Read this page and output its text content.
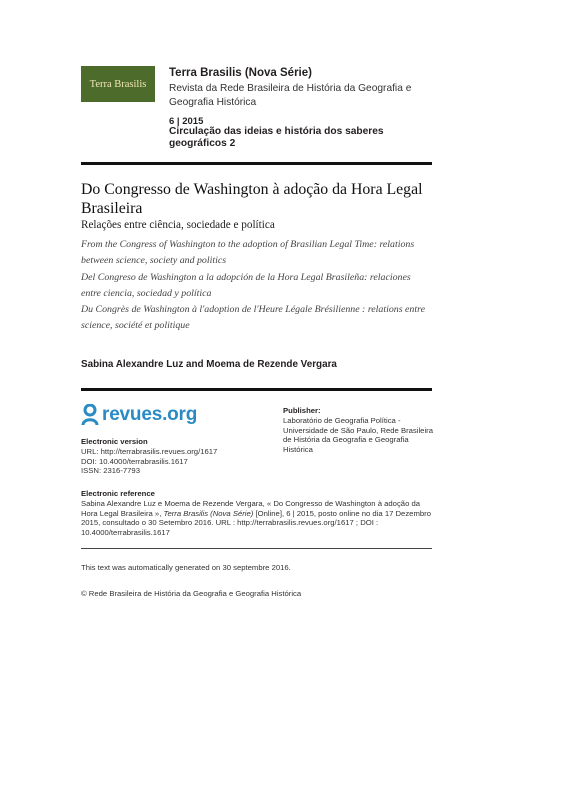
Terra Brasilis
Terra Brasilis (Nova Série)
Revista da Rede Brasileira de História da Geografia e Geografia Histórica
6 | 2015
Circulação das ideias e história dos saberes geográficos 2
Do Congresso de Washington à adoção da Hora Legal Brasileira
Relações entre ciência, sociedade e política
From the Congress of Washington to the adoption of Brasilian Legal Time: relations between science, society and politics
Del Congreso de Washington a la adopción de la Hora Legal Brasileña: relaciones entre ciencia, sociedad y política
Du Congrès de Washington à l'adoption de l'Heure Légale Brésilienne : relations entre science, société et politique
Sabina Alexandre Luz and Moema de Rezende Vergara
revues.org
Electronic version
URL: http://terrabrasilis.revues.org/1617
DOI: 10.4000/terrabrasilis.1617
ISSN: 2316-7793
Publisher:
Laboratório de Geografia Política - Universidade de São Paulo, Rede Brasileira de História da Geografia e Geografia Histórica
Electronic reference
Sabina Alexandre Luz e Moema de Rezende Vergara, « Do Congresso de Washington à adoção da Hora Legal Brasileira », Terra Brasilis (Nova Série) [Online], 6 | 2015, posto online no dia 17 Dezembro 2015, consultado o 30 Setembro 2016. URL : http://terrabrasilis.revues.org/1617 ; DOI : 10.4000/terrabrasilis.1617
This text was automatically generated on 30 septembre 2016.
© Rede Brasileira de História da Geografia e Geografia Histórica
